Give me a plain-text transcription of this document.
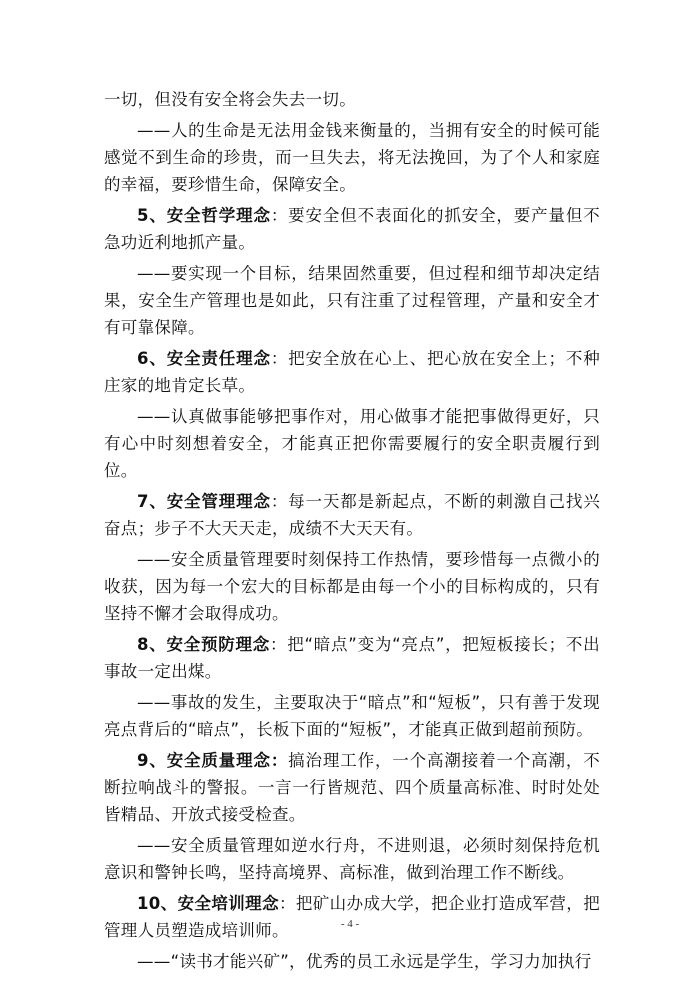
一切，但没有安全将会失去一切。

——人的生命是无法用金钱来衡量的，当拥有安全的时候可能感觉不到生命的珍贵，而一旦失去，将无法挽回，为了个人和家庭的幸福，要珍惜生命，保障安全。

5、安全哲学理念：要安全但不表面化的抓安全，要产量但不急功近利地抓产量。

——要实现一个目标，结果固然重要，但过程和细节却决定结果，安全生产管理也是如此，只有注重了过程管理，产量和安全才有可靠保障。

6、安全责任理念：把安全放在心上、把心放在安全上；不种庄家的地肯定长草。

——认真做事能够把事作对，用心做事才能把事做得更好，只有心中时刻想着安全，才能真正把你需要履行的安全职责履行到位。

7、安全管理理念：每一天都是新起点，不断的刺激自己找兴奋点；步子不大天天走，成绩不大天天有。

——安全质量管理要时刻保持工作热情，要珍惜每一点微小的收获，因为每一个宏大的目标都是由每一个小的目标构成的，只有坚持不懈才会取得成功。

8、安全预防理念：把“暗点”变为“亮点”，把短板接长；不出事故一定出煤。

——事故的发生，主要取决于“暗点”和“短板”，只有善于发现亮点背后的“暗点”，长板下面的“短板”，才能真正做到超前预防。

9、安全质量理念：搞治理工作，一个高潮接着一个高潮，不断拉响战斗的警报。一言一行皆规范、四个质量高标准、时时处处皆精品、开放式接受检查。

——安全质量管理如逆水行舟，不进则退，必须时刻保持危机意识和警钟长鸣，坚持高境界、高标准，做到治理工作不断线。

10、安全培训理念：把矿山办成大学，把企业打造成军营，把管理人员塑造成培训师。

——“读书才能兴矿”，优秀的员工永远是学生，学习力加执行

- 4 -
